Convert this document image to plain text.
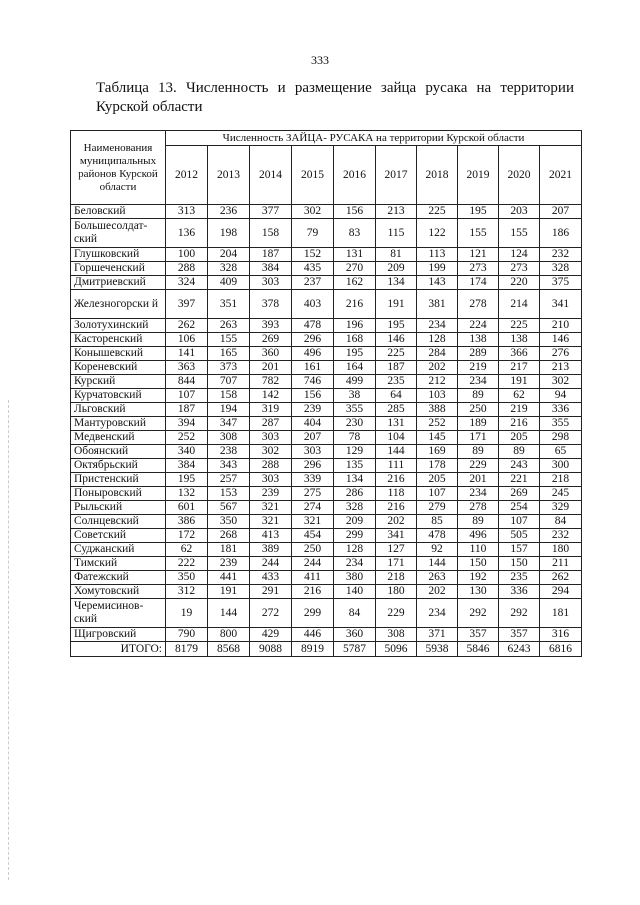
333
Таблица 13. Численность и размещение зайца русака на территории
Курской области
Наименования муниципальных районов Курской области	Численность ЗАЙЦА- РУСАКА на территории Курской области									
	2012	2013	2014	2015	2016	2017	2018	2019	2020	2021
Беловский	313	236	377	302	156	213	225	195	203	207
Большесолдат-ский	136	198	158	79	83	115	122	155	155	186
Глушковский	100	204	187	152	131	81	113	121	124	232
Горшеченский	288	328	384	435	270	209	199	273	273	328
Дмитриевский	324	409	303	237	162	134	143	174	220	375
Железногорски й	397	351	378	403	216	191	381	278	214	341
Золотухинский	262	263	393	478	196	195	234	224	225	210
Касторенский	106	155	269	296	168	146	128	138	138	146
Конышевский	141	165	360	496	195	225	284	289	366	276
Кореневский	363	373	201	161	164	187	202	219	217	213
Курский	844	707	782	746	499	235	212	234	191	302
Курчатовский	107	158	142	156	38	64	103	89	62	94
Льговский	187	194	319	239	355	285	388	250	219	336
Мантуровский	394	347	287	404	230	131	252	189	216	355
Медвенский	252	308	303	207	78	104	145	171	205	298
Обоянский	340	238	302	303	129	144	169	89	89	65
Октябрьский	384	343	288	296	135	111	178	229	243	300
Пристенский	195	257	303	339	134	216	205	201	221	218
Поныровский	132	153	239	275	286	118	107	234	269	245
Рыльский	601	567	321	274	328	216	279	278	254	329
Солнцевский	386	350	321	321	209	202	85	89	107	84
Советский	172	268	413	454	299	341	478	496	505	232
Суджанский	62	181	389	250	128	127	92	110	157	180
Тимский	222	239	244	244	234	171	144	150	150	211
Фатежский	350	441	433	411	380	218	263	192	235	262
Хомутовский	312	191	291	216	140	180	202	130	336	294
Черемисинов-ский	19	144	272	299	84	229	234	292	292	181
Щигровский	790	800	429	446	360	308	371	357	357	316
ИТОГО:	8179	8568	9088	8919	5787	5096	5938	5846	6243	6816
